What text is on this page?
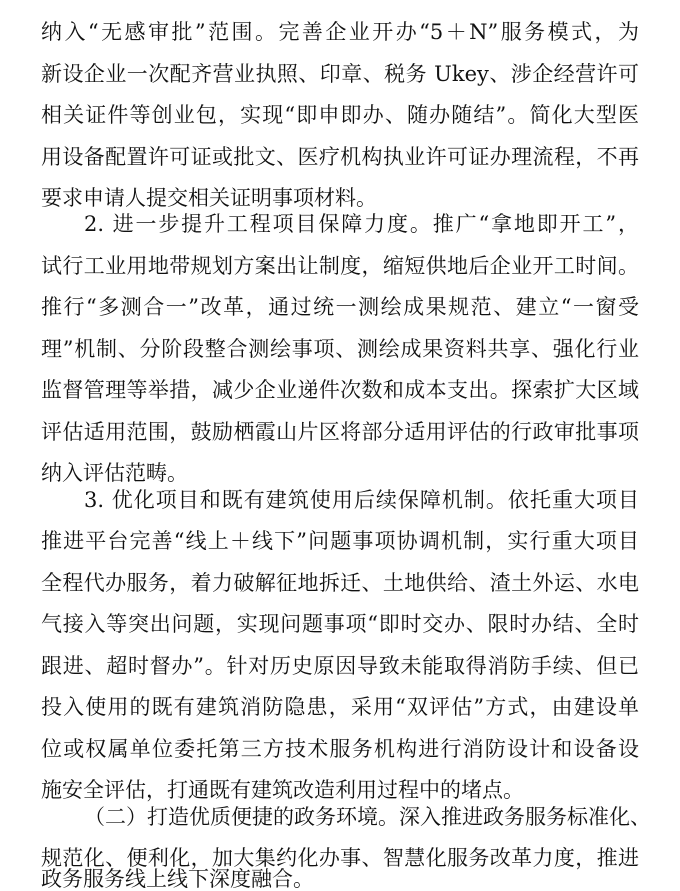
纳入“无感审批”范围。完善企业开办“5＋N”服务模式，为
新设企业一次配齐营业执照、印章、税务 Ukey、涉企经营许可
相关证件等创业包，实现“即申即办、随办随结”。简化大型医
用设备配置许可证或批文、医疗机构执业许可证办理流程，不再
要求申请人提交相关证明事项材料。
2. 进一步提升工程项目保障力度。推广“拿地即开工”，
试行工业用地带规划方案出让制度，缩短供地后企业开工时间。
推行“多测合一”改革，通过统一测绘成果规范、建立“一窗受
理”机制、分阶段整合测绘事项、测绘成果资料共享、强化行业
监督管理等举措，减少企业递件次数和成本支出。探索扩大区域
评估适用范围，鼓励栖霞山片区将部分适用评估的行政审批事项
纳入评估范畴。
3. 优化项目和既有建筑使用后续保障机制。依托重大项目
推进平台完善“线上＋线下”问题事项协调机制，实行重大项目
全程代办服务，着力破解征地拆迁、土地供给、渣土外运、水电
气接入等突出问题，实现问题事项“即时交办、限时办结、全时
跟进、超时督办”。针对历史原因导致未能取得消防手续、但已
投入使用的既有建筑消防隐患，采用“双评估”方式，由建设单
位或权属单位委托第三方技术服务机构进行消防设计和设备设
施安全评估，打通既有建筑改造利用过程中的堵点。
（二）打造优质便捷的政务环境。深入推进政务服务标准化、
规范化、便利化，加大集约化办事、智慧化服务改革力度，推进
政务服务线上线下深度融合。
